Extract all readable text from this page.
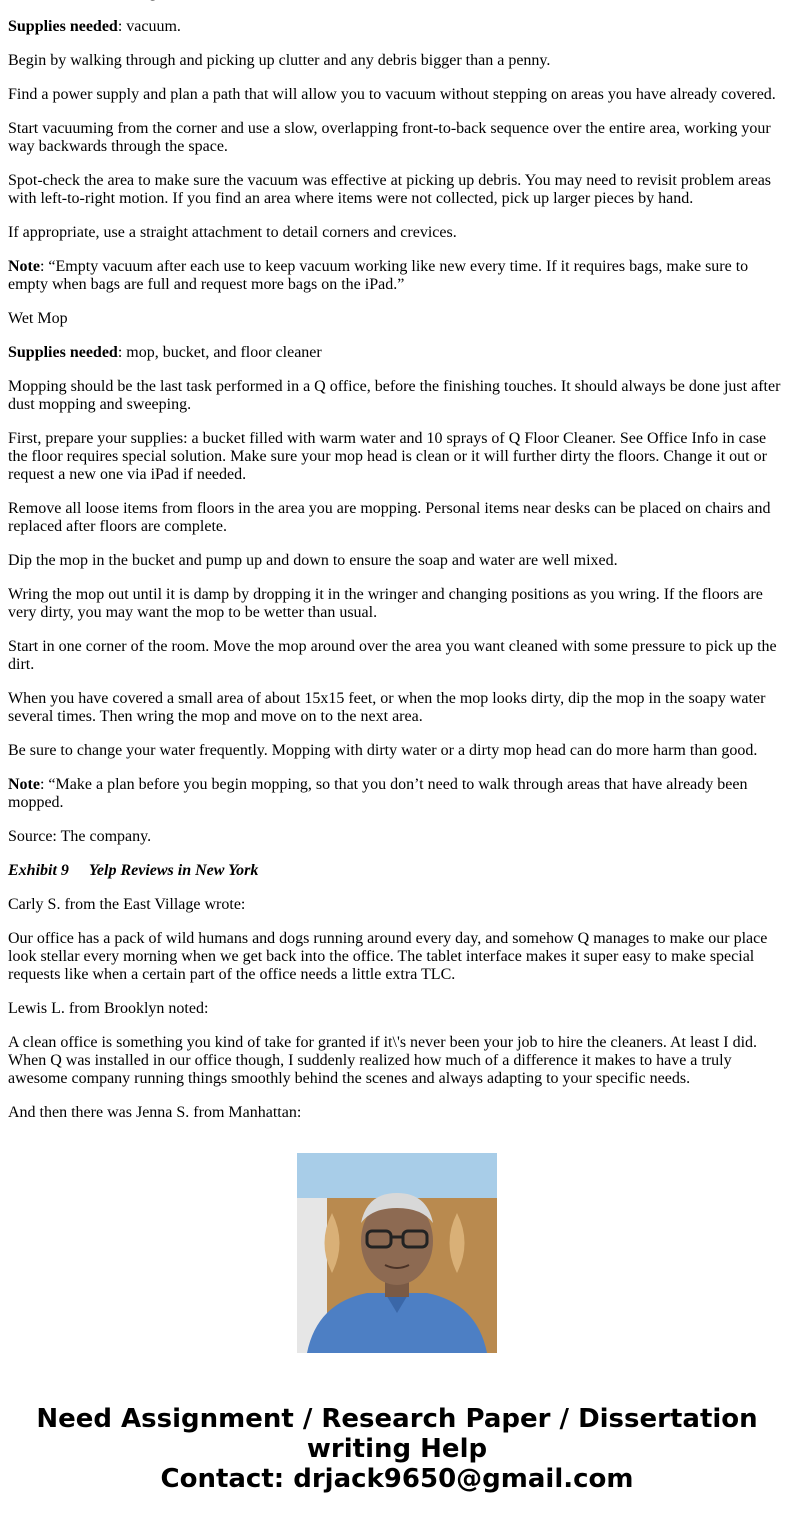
Supplies needed: vacuum.

Begin by walking through and picking up clutter and any debris bigger than a penny.

Find a power supply and plan a path that will allow you to vacuum without stepping on areas you have already covered.

Start vacuuming from the corner and use a slow, overlapping front-to-back sequence over the entire area, working your way backwards through the space.

Spot-check the area to make sure the vacuum was effective at picking up debris. You may need to revisit problem areas with left-to-right motion. If you find an area where items were not collected, pick up larger pieces by hand.

If appropriate, use a straight attachment to detail corners and crevices.

Note: “Empty vacuum after each use to keep vacuum working like new every time. If it requires bags, make sure to empty when bags are full and request more bags on the iPad.”

Wet Mop

Supplies needed: mop, bucket, and floor cleaner

Mopping should be the last task performed in a Q office, before the finishing touches. It should always be done just after dust mopping and sweeping.

First, prepare your supplies: a bucket filled with warm water and 10 sprays of Q Floor Cleaner. See Office Info in case the floor requires special solution. Make sure your mop head is clean or it will further dirty the floors. Change it out or request a new one via iPad if needed.

Remove all loose items from floors in the area you are mopping. Personal items near desks can be placed on chairs and replaced after floors are complete.

Dip the mop in the bucket and pump up and down to ensure the soap and water are well mixed.

Wring the mop out until it is damp by dropping it in the wringer and changing positions as you wring. If the floors are very dirty, you may want the mop to be wetter than usual.

Start in one corner of the room. Move the mop around over the area you want cleaned with some pressure to pick up the dirt.

When you have covered a small area of about 15x15 feet, or when the mop looks dirty, dip the mop in the soapy water several times. Then wring the mop and move on to the next area.

Be sure to change your water frequently. Mopping with dirty water or a dirty mop head can do more harm than good.

Note: “Make a plan before you begin mopping, so that you don’t need to walk through areas that have already been mopped.

Source: The company.

Exhibit 9 Yelp Reviews in New York

Carly S. from the East Village wrote:

Our office has a pack of wild humans and dogs running around every day, and somehow Q manages to make our place look stellar every morning when we get back into the office. The tablet interface makes it super easy to make special requests like when a certain part of the office needs a little extra TLC.

Lewis L. from Brooklyn noted:

A clean office is something you kind of take for granted if it\'s never been your job to hire the cleaners. At least I did. When Q was installed in our office though, I suddenly realized how much of a difference it makes to have a truly awesome company running things smoothly behind the scenes and always adapting to your specific needs.

And then there was Jenna S. from Manhattan:

Need Assignment / Research Paper / Dissertation
writing Help
Contact: drjack9650@gmail.com
